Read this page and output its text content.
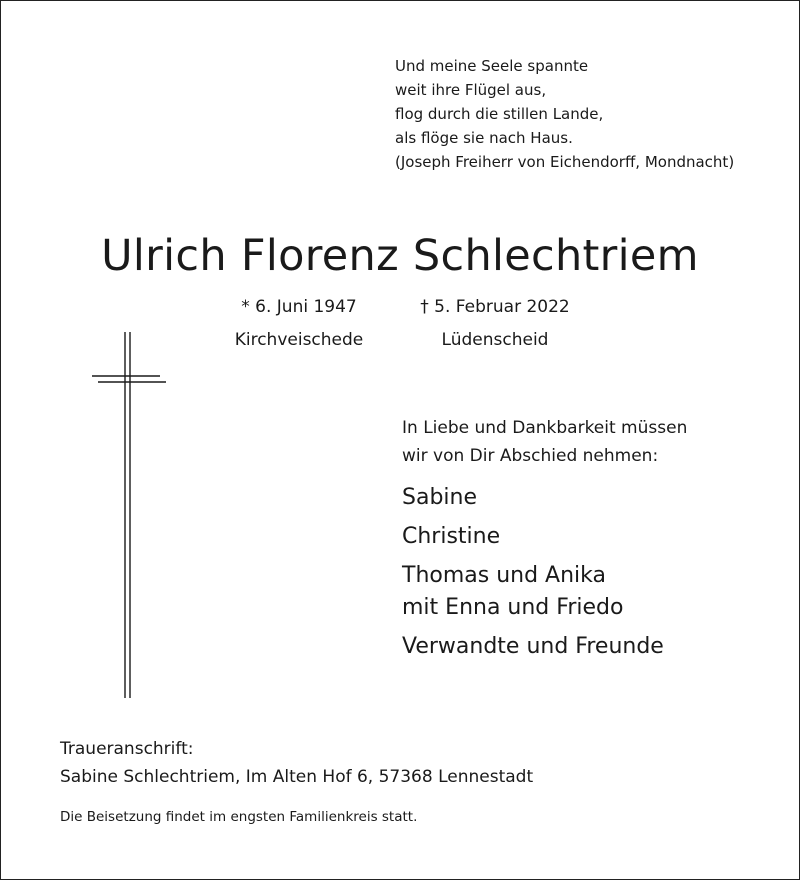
Und meine Seele spannte
weit ihre Flügel aus,
flog durch die stillen Lande,
als flöge sie nach Haus.
(Joseph Freiherr von Eichendorff, Mondnacht)
Ulrich Florenz Schlechtriem
* 6. Juni 1947
Kirchveischede
† 5. Februar 2022
Lüdenscheid
In Liebe und Dankbarkeit müssen
wir von Dir Abschied nehmen:
Sabine
Christine
Thomas und Anika
mit Enna und Friedo
Verwandte und Freunde
Traueranschrift:
Sabine Schlechtriem, Im Alten Hof 6, 57368 Lennestadt
Die Beisetzung findet im engsten Familienkreis statt.
